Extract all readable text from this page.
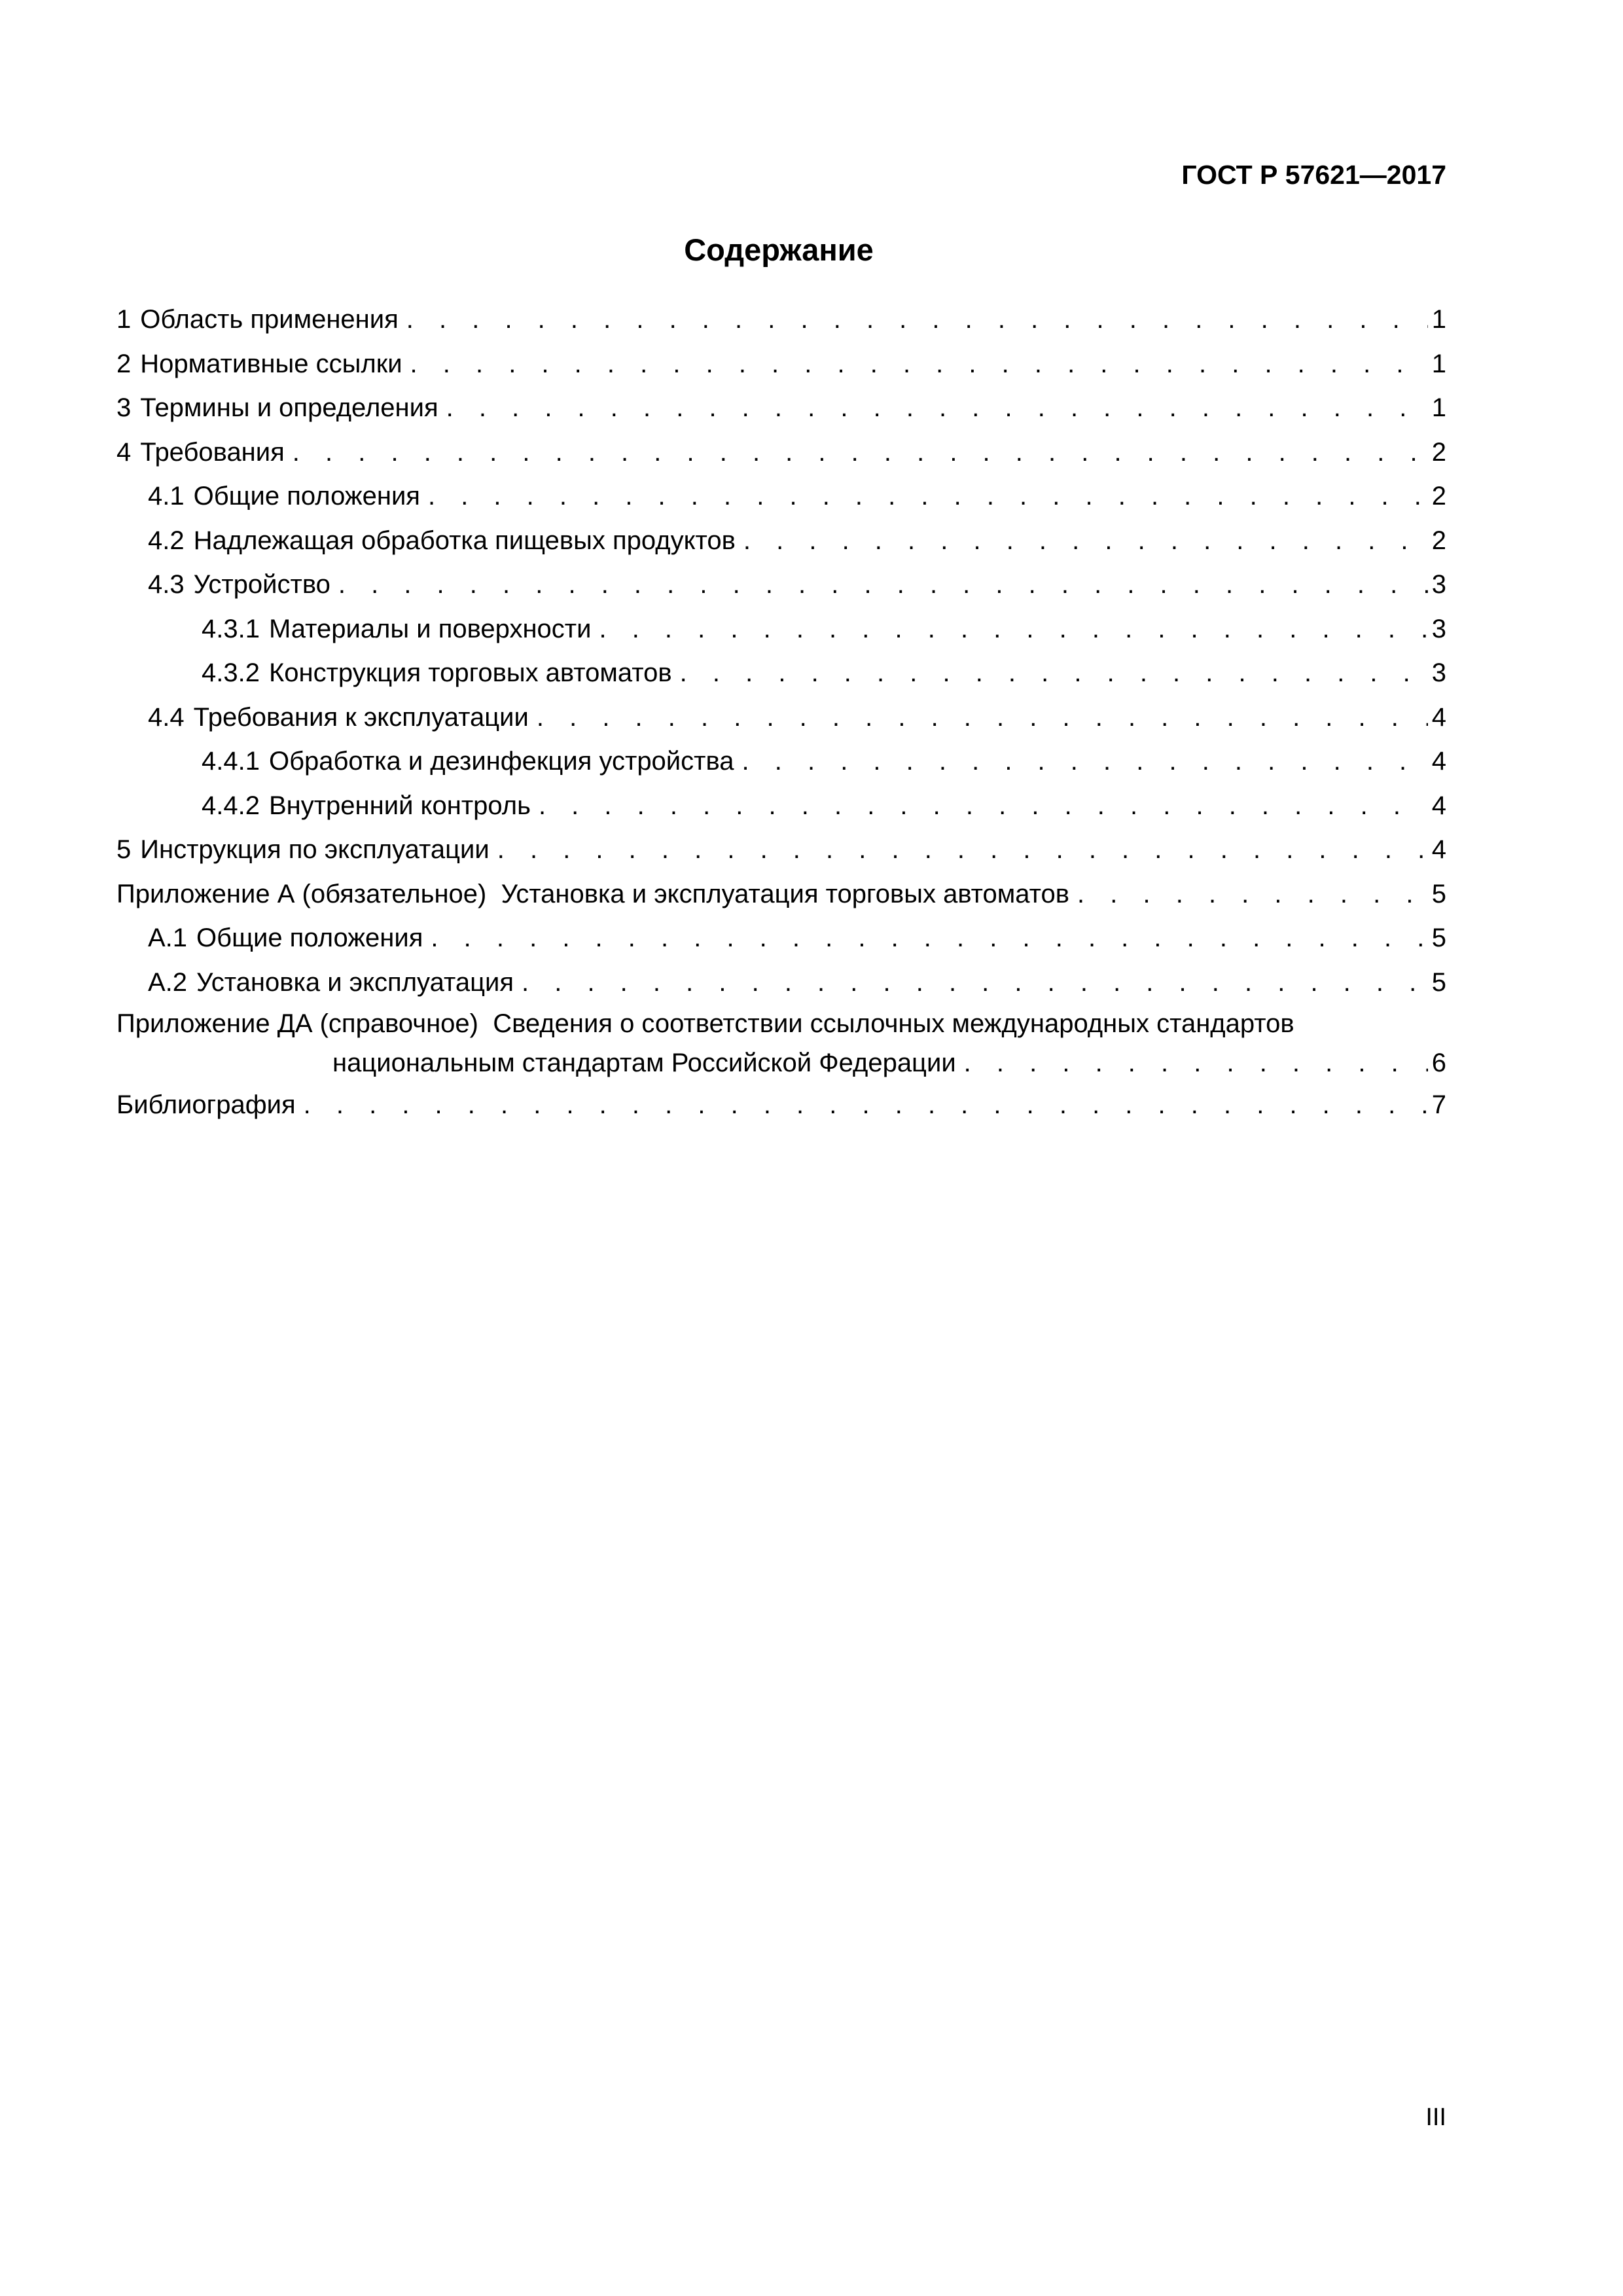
ГОСТ Р 57621—2017
Содержание
1 Область применения . . .	1
2 Нормативные ссылки . . .	1
3 Термины и определения . . .	1
4 Требования . . .	2
4.1 Общие положения . . .	2
4.2 Надлежащая обработка пищевых продуктов . . .	2
4.3 Устройство . . .	3
4.3.1 Материалы и поверхности . . .	3
4.3.2 Конструкция торговых автоматов . . .	3
4.4 Требования к эксплуатации . . .	4
4.4.1 Обработка и дезинфекция устройства . . .	4
4.4.2 Внутренний контроль . . .	4
5 Инструкция по эксплуатации . . .	4
Приложение А (обязательное)  Установка и эксплуатация торговых автоматов . . .	5
А.1 Общие положения . . .	5
А.2 Установка и эксплуатация . . .	5
Приложение ДА (справочное)  Сведения о соответствии ссылочных международных стандартов
национальным стандартам Российской Федерации . . .	6
Библиография . . .	7
III
